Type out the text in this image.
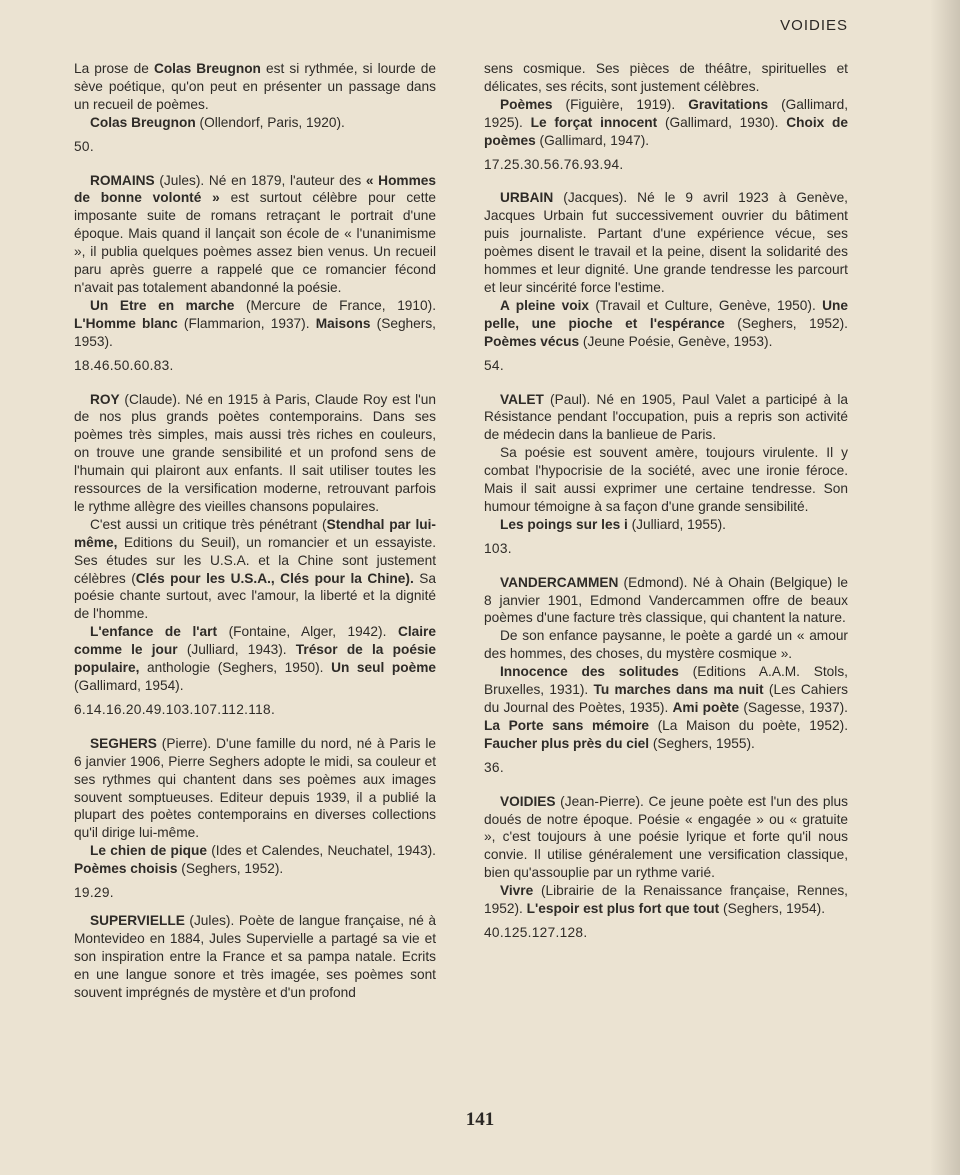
VOIDIES

La prose de Colas Breugnon est si rythmée, si lourde de sève poétique, qu'on peut en présenter un passage dans un recueil de poèmes.

Colas Breugnon (Ollendorf, Paris, 1920).

50.

ROMAINS (Jules). Né en 1879, l'auteur des « Hommes de bonne volonté » est surtout célèbre pour cette imposante suite de romans retraçant le portrait d'une époque. Mais quand il lançait son école de « l'unanimisme », il publia quelques poèmes assez bien venus. Un recueil paru après guerre a rappelé que ce romancier fécond n'avait pas totalement abandonné la poésie.

Un Etre en marche (Mercure de France, 1910). L'Homme blanc (Flammarion, 1937). Maisons (Seghers, 1953).

18.46.50.60.83.

ROY (Claude). Né en 1915 à Paris, Claude Roy est l'un de nos plus grands poètes contemporains. Dans ses poèmes très simples, mais aussi très riches en couleurs, on trouve une grande sensibilité et un profond sens de l'humain qui plairont aux enfants. Il sait utiliser toutes les ressources de la versification moderne, retrouvant parfois le rythme allègre des vieilles chansons populaires.

C'est aussi un critique très pénétrant (Stendhal par lui-même, Editions du Seuil), un romancier et un essayiste. Ses études sur les U.S.A. et la Chine sont justement célèbres (Clés pour les U.S.A., Clés pour la Chine). Sa poésie chante surtout, avec l'amour, la liberté et la dignité de l'homme.

L'enfance de l'art (Fontaine, Alger, 1942). Claire comme le jour (Julliard, 1943). Trésor de la poésie populaire, anthologie (Seghers, 1950). Un seul poème (Gallimard, 1954).

6.14.16.20.49.103.107.112.118.

SEGHERS (Pierre). D'une famille du nord, né à Paris le 6 janvier 1906, Pierre Seghers adopte le midi, sa couleur et ses rythmes qui chantent dans ses poèmes aux images souvent somptueuses. Editeur depuis 1939, il a publié la plupart des poètes contemporains en diverses collections qu'il dirige lui-même.

Le chien de pique (Ides et Calendes, Neuchatel, 1943). Poèmes choisis (Seghers, 1952).

19.29.

SUPERVIELLE (Jules). Poète de langue française, né à Montevideo en 1884, Jules Supervielle a partagé sa vie et son inspiration entre la France et sa pampa natale. Ecrits en une langue sonore et très imagée, ses poèmes sont souvent imprégnés de mystère et d'un profond

sens cosmique. Ses pièces de théâtre, spirituelles et délicates, ses récits, sont justement célèbres.

Poèmes (Figuière, 1919). Gravitations (Gallimard, 1925). Le forçat innocent (Gallimard, 1930). Choix de poèmes (Gallimard, 1947).

17.25.30.56.76.93.94.

URBAIN (Jacques). Né le 9 avril 1923 à Genève, Jacques Urbain fut successivement ouvrier du bâtiment puis journaliste. Partant d'une expérience vécue, ses poèmes disent le travail et la peine, disent la solidarité des hommes et leur dignité. Une grande tendresse les parcourt et leur sincérité force l'estime.

A pleine voix (Travail et Culture, Genève, 1950). Une pelle, une pioche et l'espérance (Seghers, 1952). Poèmes vécus (Jeune Poésie, Genève, 1953).

54.

VALET (Paul). Né en 1905, Paul Valet a participé à la Résistance pendant l'occupation, puis a repris son activité de médecin dans la banlieue de Paris.

Sa poésie est souvent amère, toujours virulente. Il y combat l'hypocrisie de la société, avec une ironie féroce. Mais il sait aussi exprimer une certaine tendresse. Son humour témoigne à sa façon d'une grande sensibilité.

Les poings sur les i (Julliard, 1955).

103.

VANDERCAMMEN (Edmond). Né à Ohain (Belgique) le 8 janvier 1901, Edmond Vandercammen offre de beaux poèmes d'une facture très classique, qui chantent la nature.

De son enfance paysanne, le poète a gardé un « amour des hommes, des choses, du mystère cosmique ».

Innocence des solitudes (Editions A.A.M. Stols, Bruxelles, 1931). Tu marches dans ma nuit (Les Cahiers du Journal des Poètes, 1935). Ami poète (Sagesse, 1937). La Porte sans mémoire (La Maison du poète, 1952). Faucher plus près du ciel (Seghers, 1955).

36.

VOIDIES (Jean-Pierre). Ce jeune poète est l'un des plus doués de notre époque. Poésie « engagée » ou « gratuite », c'est toujours à une poésie lyrique et forte qu'il nous convie. Il utilise généralement une versification classique, bien qu'assouplie par un rythme varié.

Vivre (Librairie de la Renaissance française, Rennes, 1952). L'espoir est plus fort que tout (Seghers, 1954).

40.125.127.128.

141
